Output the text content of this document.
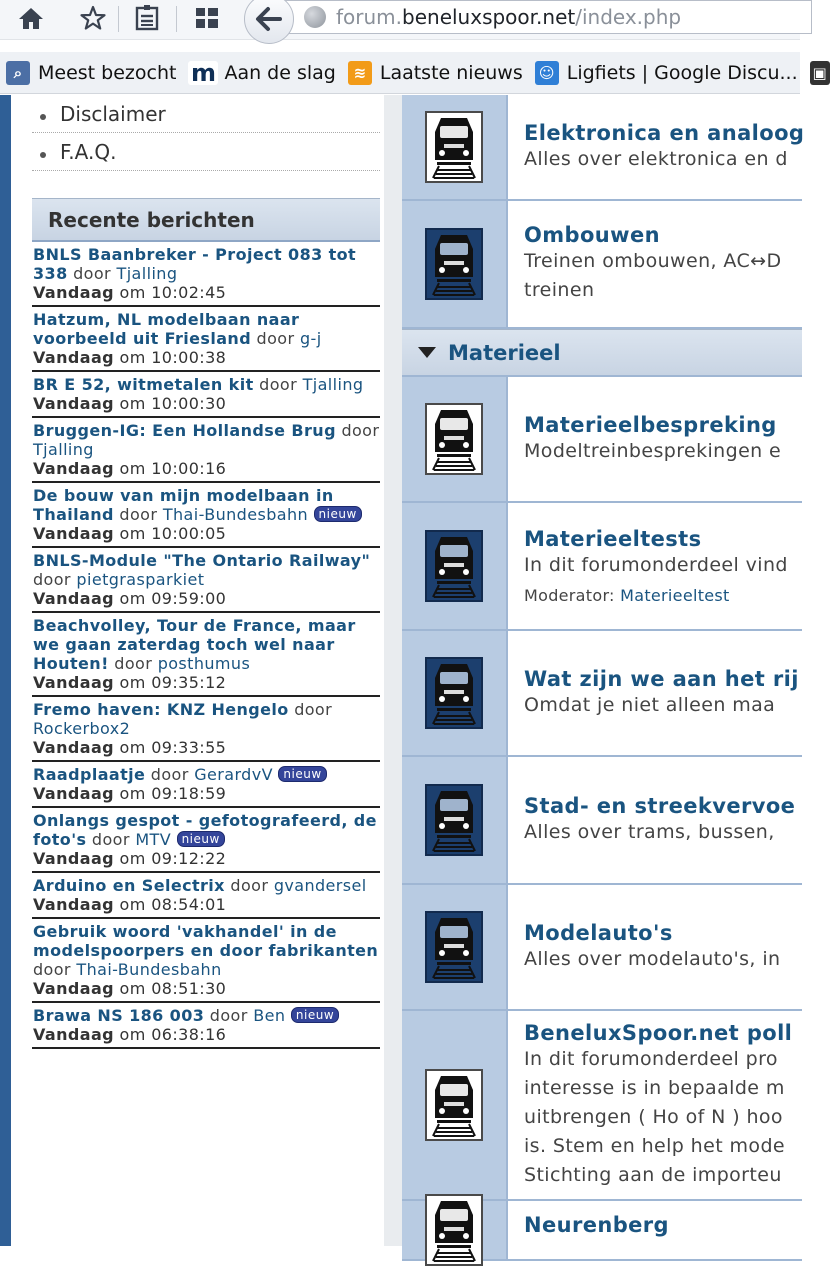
forum.beneluxspoor.net/index.php
⌕ Meest bezocht m Aan de slag	≋ Laatste nieuws ☺ Ligfiets | Google Discu... ▣
Disclaimer
F.A.Q.
Recente berichten
BNLS Baanbreker - Project 083 tot 338 door Tjalling
Vandaag om 10:02:45
Hatzum, NL modelbaan naar voorbeeld uit Friesland door g-j
Vandaag om 10:00:38
BR E 52, witmetalen kit door Tjalling
Vandaag om 10:00:30
Bruggen-IG: Een Hollandse Brug door Tjalling
Vandaag om 10:00:16
De bouw van mijn modelbaan in Thailand door Thai-Bundesbahn nieuw
Vandaag om 10:00:05
BNLS-Module "The Ontario Railway" door pietgrasparkiet
Vandaag om 09:59:00
Beachvolley, Tour de France, maar we gaan zaterdag toch wel naar Houten! door posthumus
Vandaag om 09:35:12
Fremo haven: KNZ Hengelo door Rockerbox2
Vandaag om 09:33:55
Raadplaatje door GerardvV nieuw
Vandaag om 09:18:59
Onlangs gespot - gefotografeerd, de foto's door MTV nieuw
Vandaag om 09:12:22
Arduino en Selectrix door gvandersel
Vandaag om 08:54:01
Gebruik woord 'vakhandel' in de modelspoorpers en door fabrikanten door Thai-Bundesbahn
Vandaag om 08:51:30
Brawa NS 186 003 door Ben nieuw
Vandaag om 06:38:16
Elektronica en analoog
Alles over elektronica en d
Ombouwen
Treinen ombouwen, AC↔D
treinen
Materieel
Materieelbespreking
Modeltreinbesprekingen e
Materieeltests
In dit forumonderdeel vind
Moderator: Materieeltest
Wat zijn we aan het rij
Omdat je niet alleen maa
Stad- en streekvervoe
Alles over trams, bussen,
Modelauto's
Alles over modelauto's, in
BeneluxSpoor.net poll
In dit forumonderdeel pro
interesse is in bepaalde m
uitbrengen ( Ho of N ) hoo
is. Stem en help het mode
Stichting aan de importeu
Neurenberg
